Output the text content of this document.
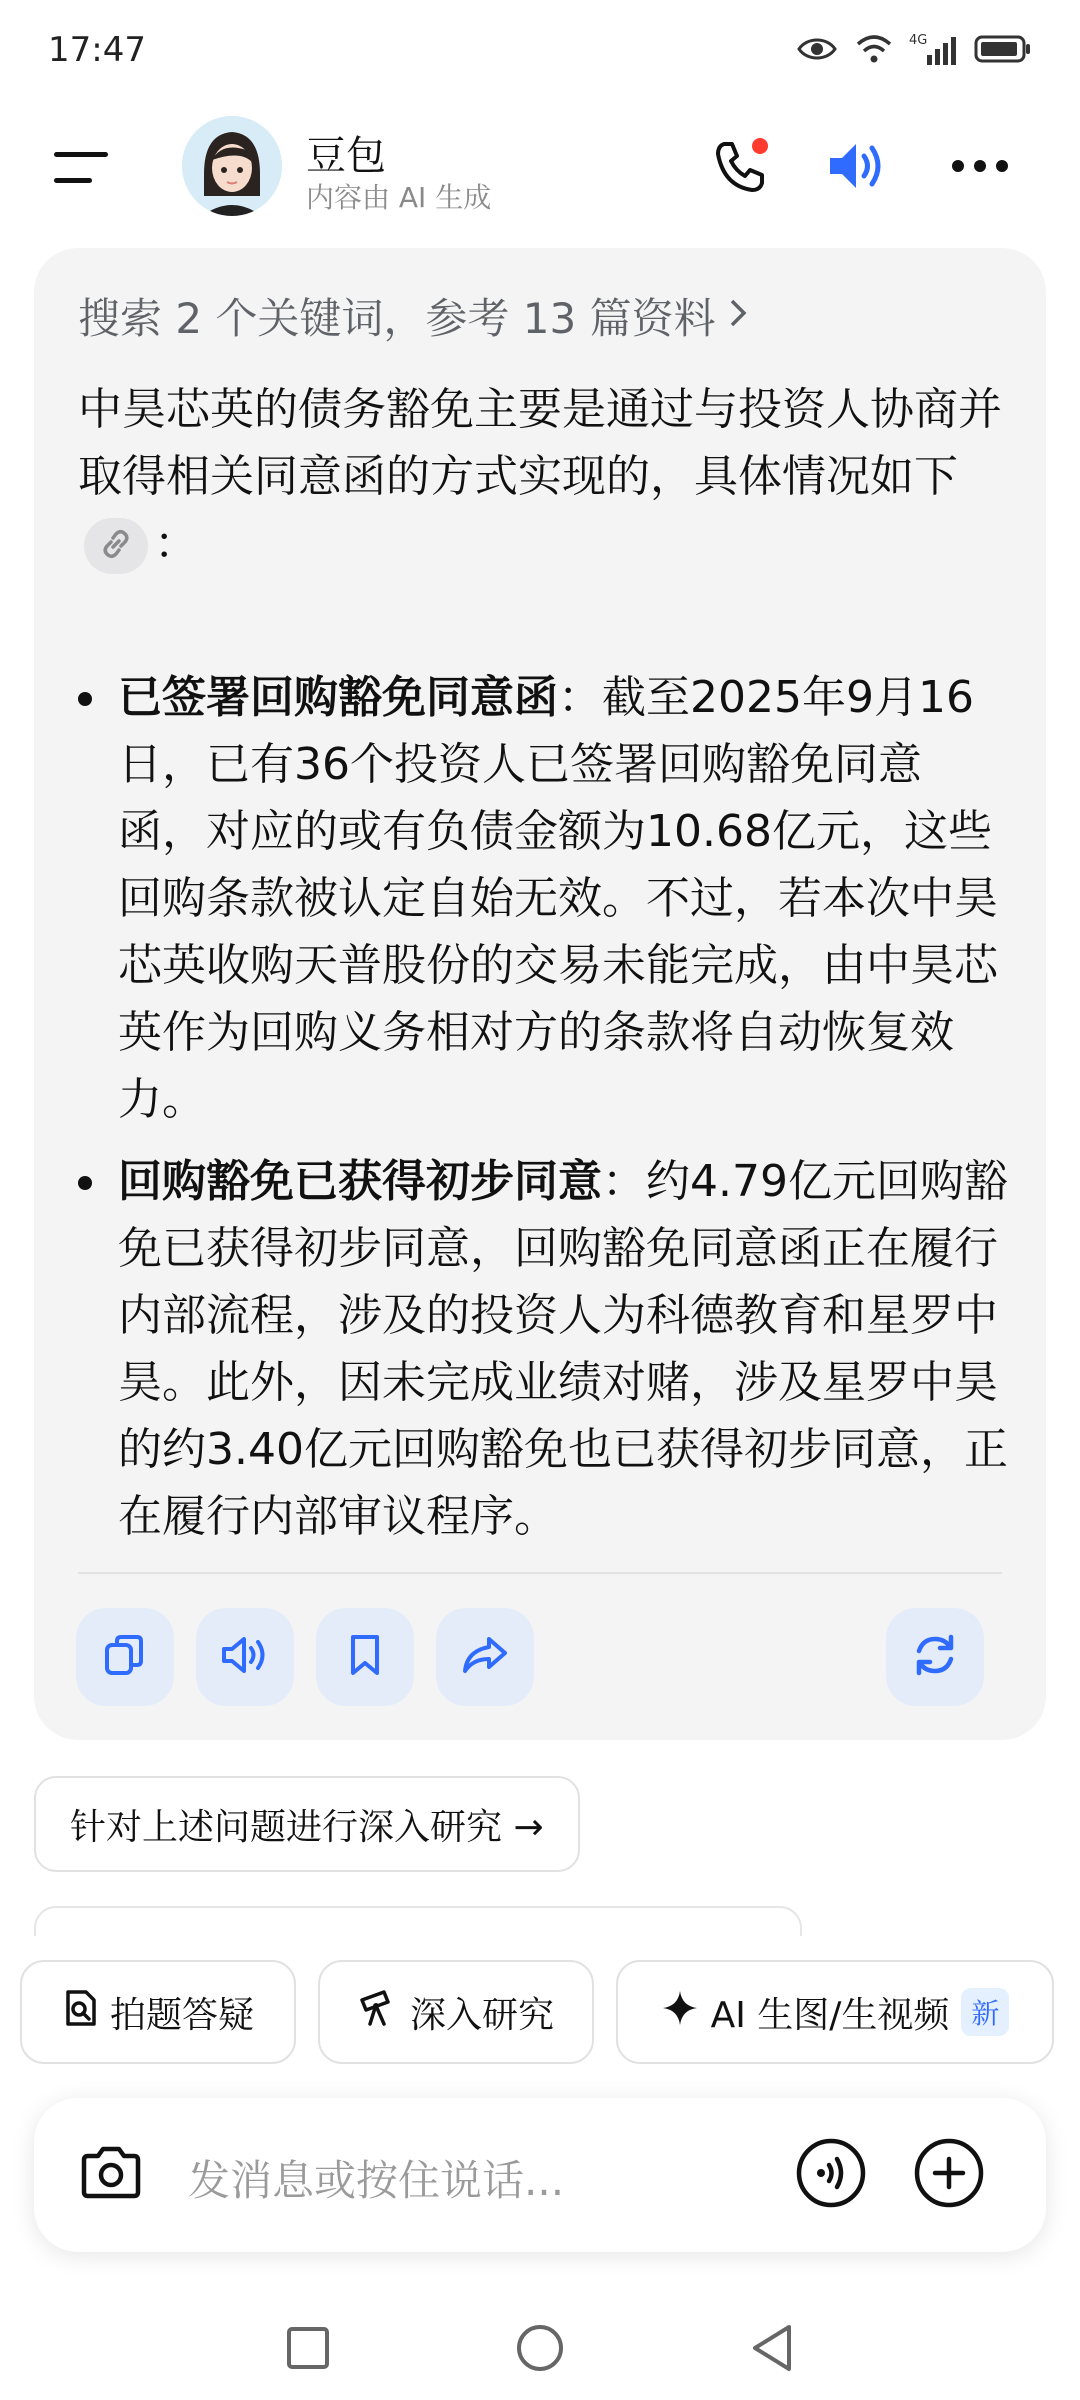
17:47	4G
豆包
内容由 AI 生成
搜索 2 个关键词，参考 13 篇资料
中昊芯英的债务豁免主要是通过与投资人协商并取得相关同意函的方式实现的，具体情况如下
：
已签署回购豁免同意函：截至2025年9月16日，已有36个投资人已签署回购豁免同意函，对应的或有负债金额为10.68亿元，这些回购条款被认定自始无效。不过，若本次中昊芯英收购天普股份的交易未能完成，由中昊芯英作为回购义务相对方的条款将自动恢复效力。
回购豁免已获得初步同意：约4.79亿元回购豁免已获得初步同意，回购豁免同意函正在履行内部流程，涉及的投资人为科德教育和星罗中昊。此外，因未完成业绩对赌，涉及星罗中昊的约3.40亿元回购豁免也已获得初步同意，正在履行内部审议程序。
针对上述问题进行深入研究 →
拍题答疑	深入研究	AI 生图/生视频 新
发消息或按住说话...
